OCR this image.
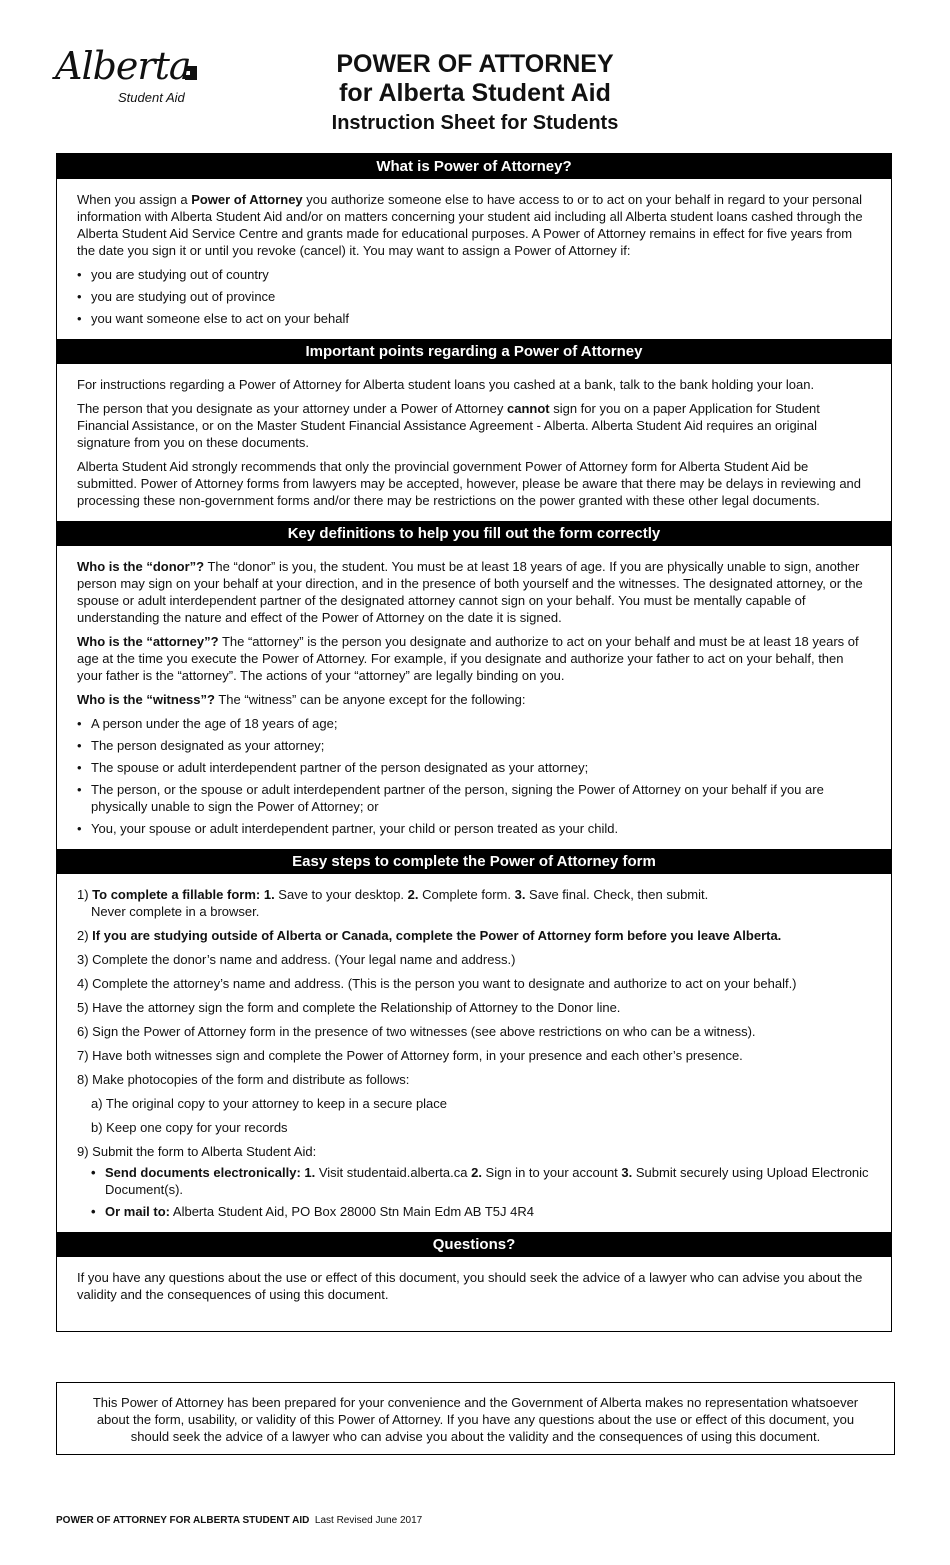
Alberta
Student Aid
POWER OF ATTORNEY
for Alberta Student Aid
Instruction Sheet for Students
What is Power of Attorney?

When you assign a Power of Attorney you authorize someone else to have access to or to act on your behalf in regard to your personal information with Alberta Student Aid and/or on matters concerning your student aid including all Alberta student loans cashed through the Alberta Student Aid Service Centre and grants made for educational purposes. A Power of Attorney remains in effect for five years from the date you sign it or until you revoke (cancel) it. You may want to assign a Power of Attorney if:

• you are studying out of country
• you are studying out of province
• you want someone else to act on your behalf
Important points regarding a Power of Attorney

For instructions regarding a Power of Attorney for Alberta student loans you cashed at a bank, talk to the bank holding your loan.

The person that you designate as your attorney under a Power of Attorney cannot sign for you on a paper Application for Student Financial Assistance, or on the Master Student Financial Assistance Agreement - Alberta. Alberta Student Aid requires an original signature from you on these documents.

Alberta Student Aid strongly recommends that only the provincial government Power of Attorney form for Alberta Student Aid be submitted. Power of Attorney forms from lawyers may be accepted, however, please be aware that there may be delays in reviewing and processing these non-government forms and/or there may be restrictions on the power granted with these other legal documents.

Key definitions to help you fill out the form correctly

Who is the “donor”? The “donor” is you, the student. You must be at least 18 years of age. If you are physically unable to sign, another person may sign on your behalf at your direction, and in the presence of both yourself and the witnesses. The designated attorney, or the spouse or adult interdependent partner of the designated attorney cannot sign on your behalf. You must be mentally capable of understanding the nature and effect of the Power of Attorney on the date it is signed.

Who is the “attorney”? The “attorney” is the person you designate and authorize to act on your behalf and must be at least 18 years of age at the time you execute the Power of Attorney. For example, if you designate and authorize your father to act on your behalf, then your father is the “attorney”. The actions of your “attorney” are legally binding on you.

Who is the “witness”? The “witness” can be anyone except for the following:

• A person under the age of 18 years of age;
• The person designated as your attorney;
• The spouse or adult interdependent partner of the person designated as your attorney;
• The person, or the spouse or adult interdependent partner of the person, signing the Power of Attorney on your behalf if you are physically unable to sign the Power of Attorney; or
• You, your spouse or adult interdependent partner, your child or person treated as your child.
Easy steps to complete the Power of Attorney form

1) To complete a fillable form: 1. Save to your desktop. 2. Complete form. 3. Save final. Check, then submit.
Never complete in a browser.

2) If you are studying outside of Alberta or Canada, complete the Power of Attorney form before you leave Alberta.

3) Complete the donor’s name and address. (Your legal name and address.)

4) Complete the attorney’s name and address. (This is the person you want to designate and authorize to act on your behalf.)

5) Have the attorney sign the form and complete the Relationship of Attorney to the Donor line.

6) Sign the Power of Attorney form in the presence of two witnesses (see above restrictions on who can be a witness).

7) Have both witnesses sign and complete the Power of Attorney form, in your presence and each other’s presence.

8) Make photocopies of the form and distribute as follows:

a) The original copy to your attorney to keep in a secure place

b) Keep one copy for your records

9) Submit the form to Alberta Student Aid:

• Send documents electronically: 1. Visit studentaid.alberta.ca 2. Sign in to your account 3. Submit securely using Upload Electronic Document(s).
• Or mail to: Alberta Student Aid, PO Box 28000 Stn Main Edm AB T5J 4R4
Questions?

If you have any questions about the use or effect of this document, you should seek the advice of a lawyer who can advise you about the validity and the consequences of using this document.

This Power of Attorney has been prepared for your convenience and the Government of Alberta makes no representation whatsoever about the form, usability, or validity of this Power of Attorney. If you have any questions about the use or effect of this document, you should seek the advice of a lawyer who can advise you about the validity and the consequences of using this document.
POWER OF ATTORNEY FOR ALBERTA STUDENT AID Last Revised June 2017
